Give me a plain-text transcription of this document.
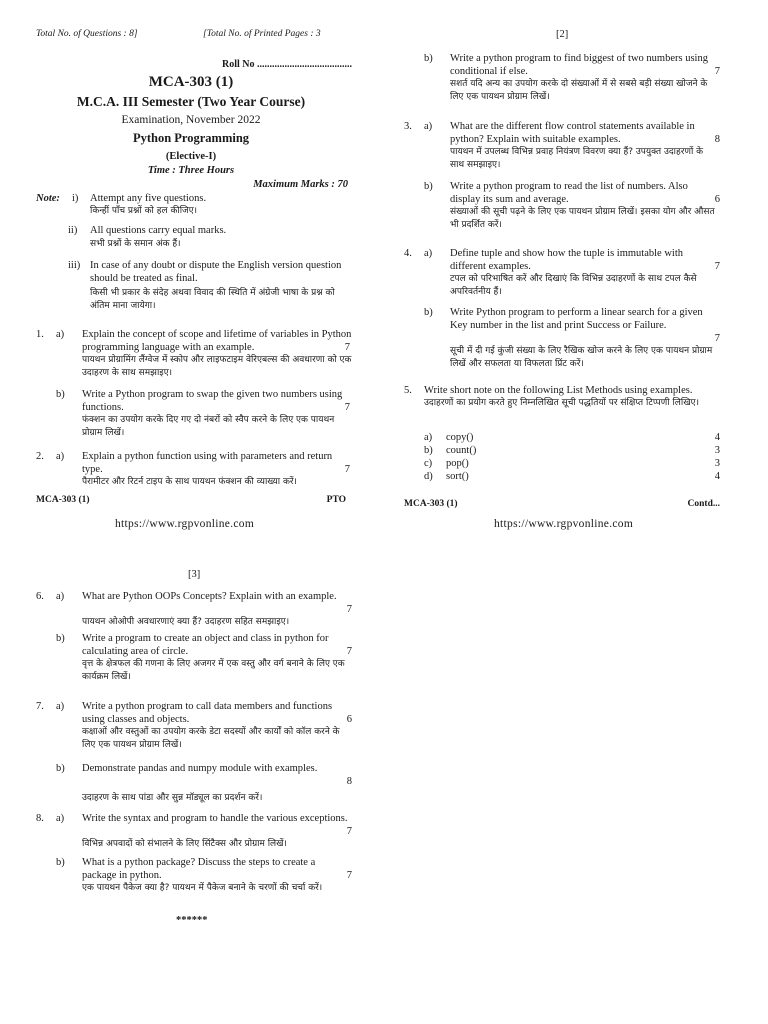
Total No. of Questions : 8]	[Total No. of Printed Pages : 3
Roll No ......................................
MCA-303 (1)
M.C.A. III Semester (Two Year Course)
Examination, November 2022
Python Programming
(Elective-I)
Time : Three Hours
Maximum Marks : 70
Note: i) Attempt any five questions.
किन्हीं पाँच प्रश्नों को हल कीजिए।
ii) All questions carry equal marks.
सभी प्रश्नों के समान अंक हैं।
iii) In case of any doubt or dispute the English version question should be treated as final.
किसी भी प्रकार के संदेह अथवा विवाद की स्थिति में अंग्रेजी भाषा के प्रश्न को अंतिम माना जायेगा।
1. a) Explain the concept of scope and lifetime of variables in Python programming language with an example.	7
पायथन प्रोग्रामिंग लैंग्वेज में स्कोप और लाइफटाइम वेरिएबल्स की अवधारणा को एक उदाहरण के साथ समझाइए।
b) Write a Python program to swap the given two numbers using functions.	7
फंक्शन का उपयोग करके दिए गए दो नंबरों को स्वैप करने के लिए एक पायथन प्रोग्राम लिखें।
2. a) Explain a python function using with parameters and return type.	7
पैरामीटर और रिटर्न टाइप के साथ पायथन फंक्शन की व्याख्या करें।
MCA-303 (1)	PTO
https://www.rgpvonline.com
[2]
b) Write a python program to find biggest of two numbers using conditional if else.	7
सशर्त यदि अन्य का उपयोग करके दो संख्याओं में से सबसे बड़ी संख्या खोजने के लिए एक पायथन प्रोग्राम लिखें।
3. a) What are the different flow control statements available in python? Explain with suitable examples.	8
पायथन में उपलब्ध विभिन्न प्रवाह नियंत्रण विवरण क्या हैं? उपयुक्त उदाहरणों के साथ समझाइए।
b) Write a python program to read the list of numbers. Also display its sum and average.	6
संख्याओं की सूची पढ़ने के लिए एक पायथन प्रोग्राम लिखें। इसका योग और औसत भी प्रदर्शित करें।
4. a) Define tuple and show how the tuple is immutable with different examples.	7
टपल को परिभाषित करें और दिखाएं कि विभिन्न उदाहरणों के साथ टपल कैसे अपरिवर्तनीय हैं।
b) Write Python program to perform a linear search for a given Key number in the list and print Success or Failure.
7
सूची में दी गई कुंजी संख्या के लिए रैखिक खोज करने के लिए एक पायथन प्रोग्राम लिखें और सफलता या विफलता प्रिंट करें।
5. Write short note on the following List Methods using examples.
उदाहरणों का प्रयोग करते हुए निम्नलिखित सूची पद्धतियों पर संक्षिप्त टिप्पणी लिखिए।
a) copy()	4
b) count()	3
c) pop()	3
d) sort()	4
MCA-303 (1)	Contd...
https://www.rgpvonline.com
[3]
6. a) What are Python OOPs Concepts? Explain with an example.
7
पायथन ओओपी अवधारणाएं क्या हैं? उदाहरण सहित समझाइए।
b) Write a program to create an object and class in python for calculating area of circle.	7
वृत्त के क्षेत्रफल की गणना के लिए अजगर में एक वस्तु और वर्ग बनाने के लिए एक कार्यक्रम लिखें।
7. a) Write a python program to call data members and functions using classes and objects.	6
कक्षाओं और वस्तुओं का उपयोग करके डेटा सदस्यों और कार्यों को कॉल करने के लिए एक पायथन प्रोग्राम लिखें।
b) Demonstrate pandas and numpy module with examples.
8
उदाहरण के साथ पांडा और सुन्न मॉड्यूल का प्रदर्शन करें।
8. a) Write the syntax and program to handle the various exceptions.
7
विभिन्न अपवादों को संभालने के लिए सिंटैक्स और प्रोग्राम लिखें।
b) What is a python package? Discuss the steps to create a package in python.	7
एक पायथन पैकेज क्या है? पायथन में पैकेज बनाने के चरणों की चर्चा करें।
******
